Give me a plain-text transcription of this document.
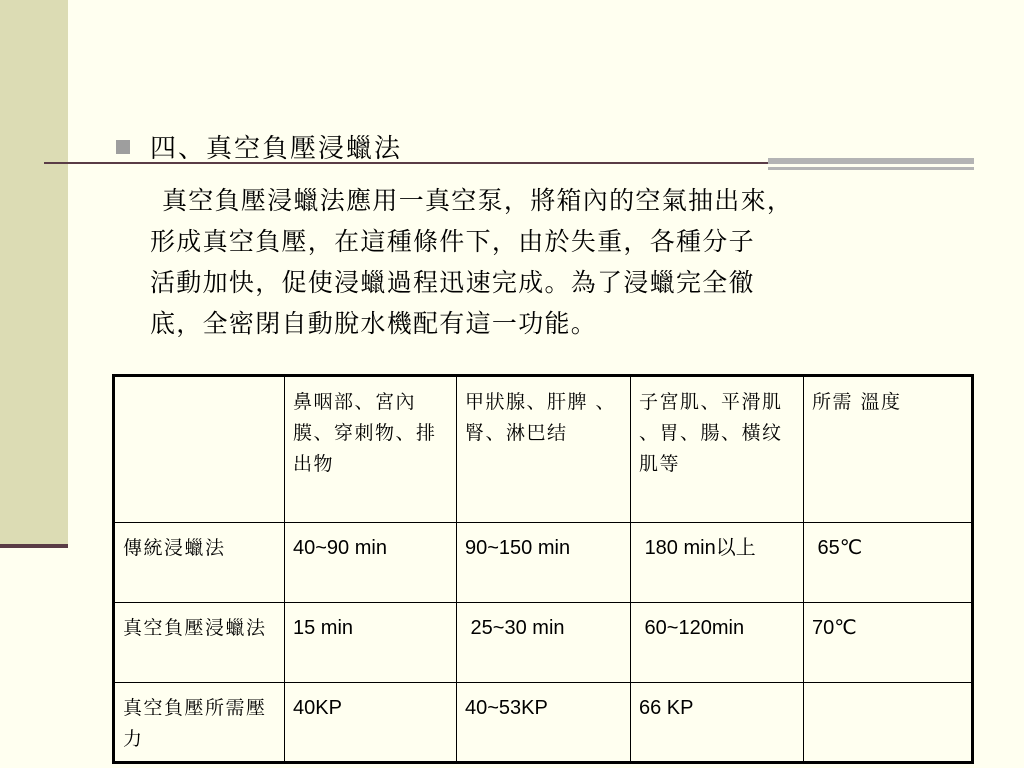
四、真空負壓浸蠟法
真空負壓浸蠟法應用一真空泵，將箱內的空氣抽出來，
形成真空負壓，在這種條件下，由於失重，各種分子
活動加快，促使浸蠟過程迅速完成。為了浸蠟完全徹
底，全密閉自動脫水機配有這一功能。
	鼻咽部、宮內膜、穿刺物、排出物	甲狀腺、肝脾 、 腎、淋巴结	子宮肌、平滑肌 、胃、腸、橫纹肌等	所需 溫度
傳統浸蠟法	40~90 min	90~150 min	180 min以上	65℃
真空負壓浸蠟法	15 min	25~30 min	60~120min	70℃
真空負壓所需壓力	40KP	40~53KP	66 KP	
